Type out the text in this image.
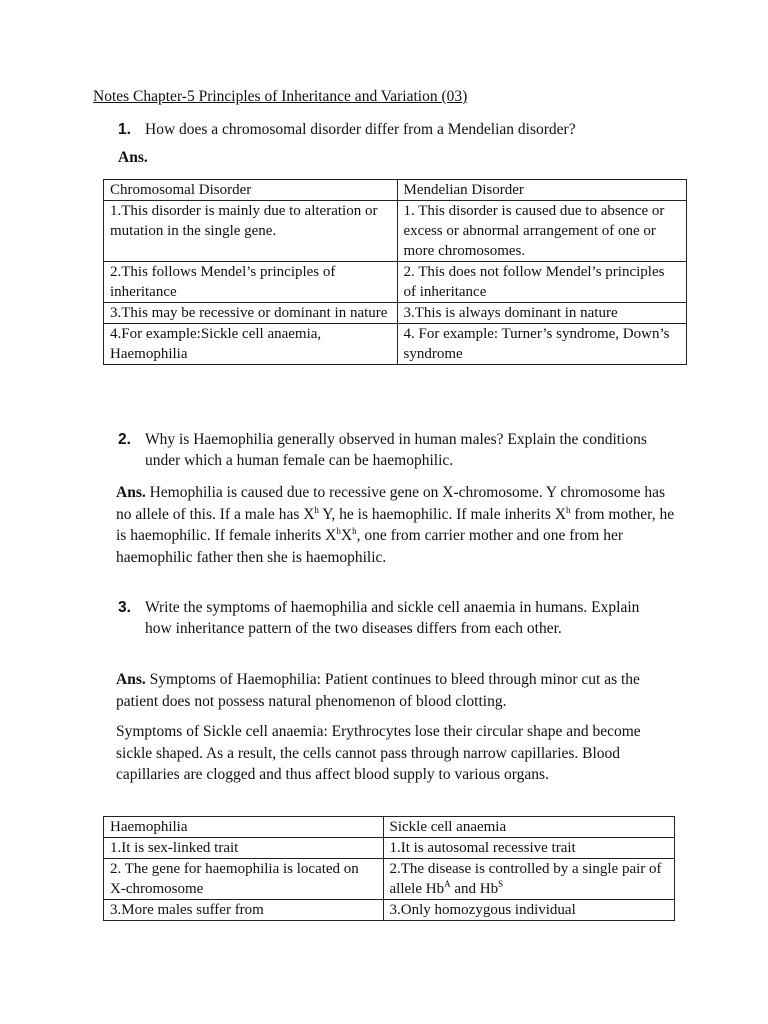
Notes Chapter-5 Principles of Inheritance and Variation (03)
1. How does a chromosomal disorder differ from a Mendelian disorder?
Ans.
Chromosomal Disorder	Mendelian Disorder
1.This disorder is mainly due to alteration or mutation in the single gene.	1. This disorder is caused due to absence or excess or abnormal arrangement of one or more chromosomes.
2.This follows Mendel’s principles of inheritance	2. This does not follow Mendel’s principles of inheritance
3.This may be recessive or dominant in nature	3.This is always dominant in nature
4.For example:Sickle cell anaemia, Haemophilia	4. For example: Turner’s syndrome, Down’s syndrome
2. Why is Haemophilia generally observed in human males? Explain the conditions under which a human female can be haemophilic.
Ans. Hemophilia is caused due to recessive gene on X-chromosome. Y chromosome has no allele of this. If a male has $X^h$ Y, he is haemophilic. If male inherits $X^h$ from mother, he is haemophilic. If female inherits $X^hX^h$, one from carrier mother and one from her haemophilic father then she is haemophilic.
3. Write the symptoms of haemophilia and sickle cell anaemia in humans. Explain how inheritance pattern of the two diseases differs from each other.
Ans. Symptoms of Haemophilia: Patient continues to bleed through minor cut as the patient does not possess natural phenomenon of blood clotting.
Symptoms of Sickle cell anaemia: Erythrocytes lose their circular shape and become sickle shaped. As a result, the cells cannot pass through narrow capillaries. Blood capillaries are clogged and thus affect blood supply to various organs.
Haemophilia	Sickle cell anaemia
1.It is sex-linked trait	1.It is autosomal recessive trait
2. The gene for haemophilia is located on X-chromosome	2.The disease is controlled by a single pair of allele $Hb^A$ and $Hb^S$
3.More males suffer from	3.Only homozygous individual
